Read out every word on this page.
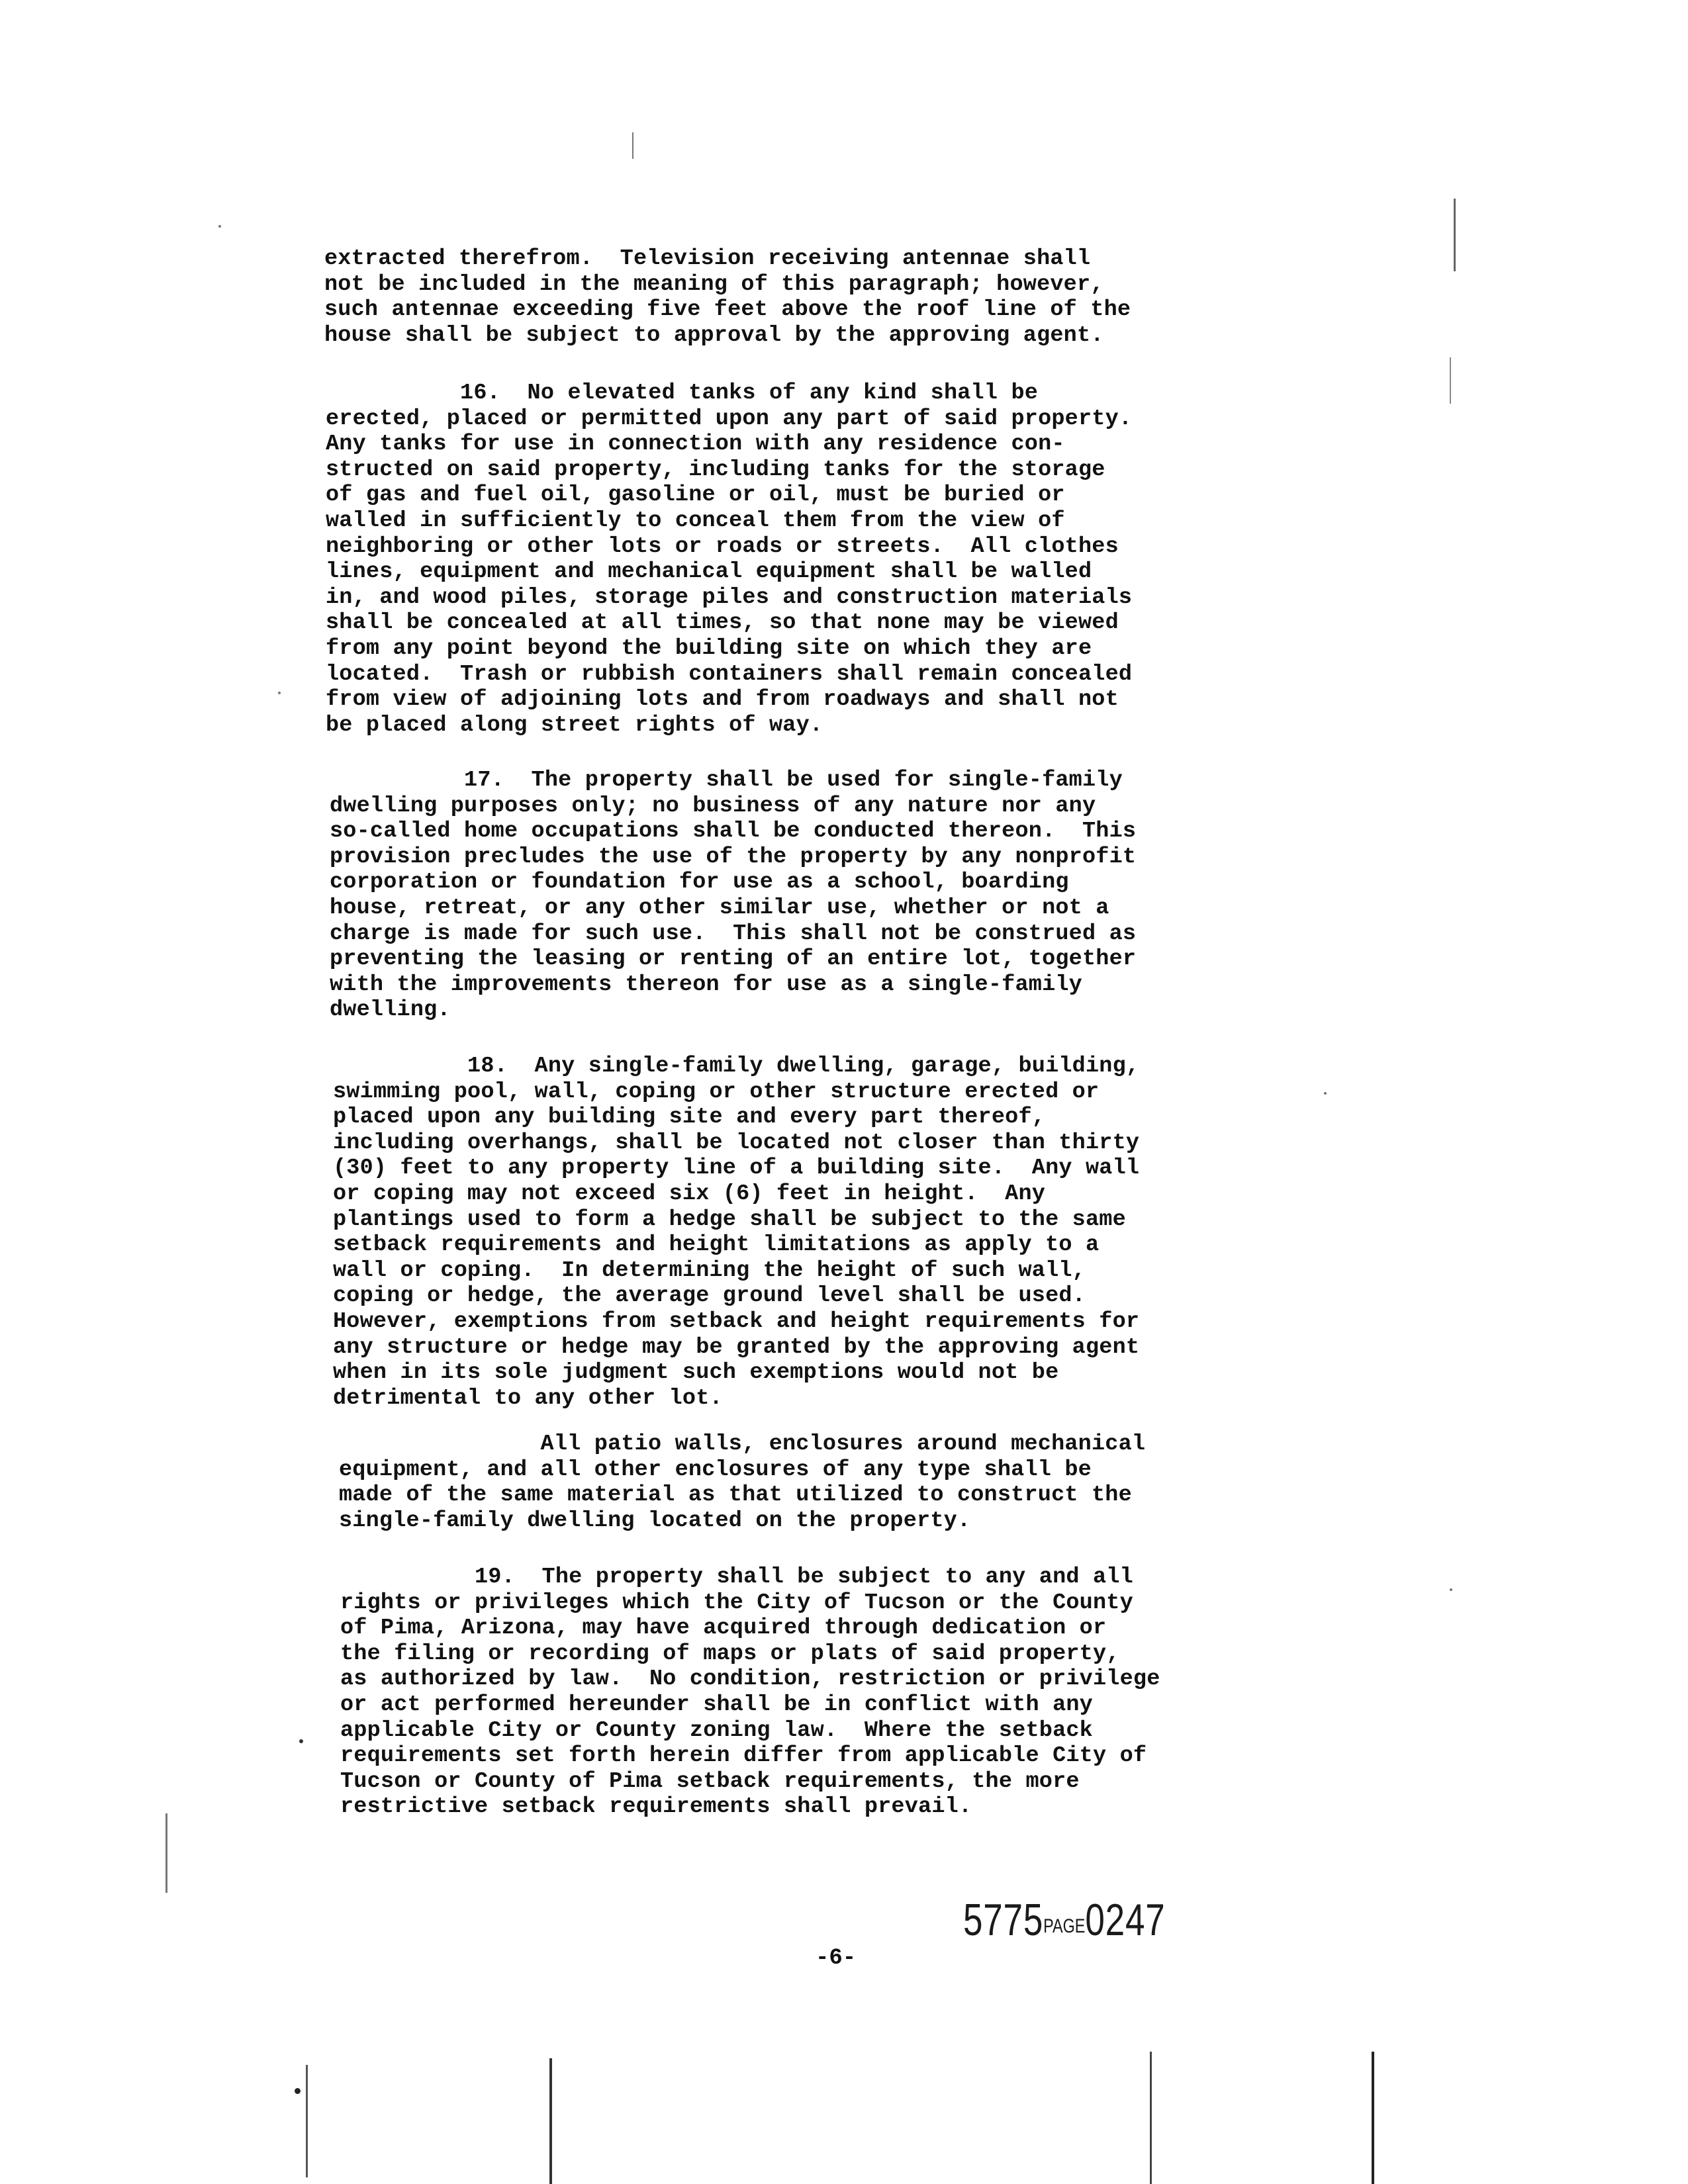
extracted therefrom.  Television receiving antennae shall
not be included in the meaning of this paragraph; however,
such antennae exceeding five feet above the roof line of the
house shall be subject to approval by the approving agent.

16.  No elevated tanks of any kind shall be
erected, placed or permitted upon any part of said property.
Any tanks for use in connection with any residence con-
structed on said property, including tanks for the storage
of gas and fuel oil, gasoline or oil, must be buried or
walled in sufficiently to conceal them from the view of
neighboring or other lots or roads or streets.  All clothes
lines, equipment and mechanical equipment shall be walled
in, and wood piles, storage piles and construction materials
shall be concealed at all times, so that none may be viewed
from any point beyond the building site on which they are
located.  Trash or rubbish containers shall remain concealed
from view of adjoining lots and from roadways and shall not
be placed along street rights of way.

17.  The property shall be used for single-family
dwelling purposes only; no business of any nature nor any
so-called home occupations shall be conducted thereon.  This
provision precludes the use of the property by any nonprofit
corporation or foundation for use as a school, boarding
house, retreat, or any other similar use, whether or not a
charge is made for such use.  This shall not be construed as
preventing the leasing or renting of an entire lot, together
with the improvements thereon for use as a single-family
dwelling.

18.  Any single-family dwelling, garage, building,
swimming pool, wall, coping or other structure erected or
placed upon any building site and every part thereof,
including overhangs, shall be located not closer than thirty
(30) feet to any property line of a building site.  Any wall
or coping may not exceed six (6) feet in height.  Any
plantings used to form a hedge shall be subject to the same
setback requirements and height limitations as apply to a
wall or coping.  In determining the height of such wall,
coping or hedge, the average ground level shall be used.
However, exemptions from setback and height requirements for
any structure or hedge may be granted by the approving agent
when in its sole judgment such exemptions would not be
detrimental to any other lot.

All patio walls, enclosures around mechanical
equipment, and all other enclosures of any type shall be
made of the same material as that utilized to construct the
single-family dwelling located on the property.

19.  The property shall be subject to any and all
rights or privileges which the City of Tucson or the County
of Pima, Arizona, may have acquired through dedication or
the filing or recording of maps or plats of said property,
as authorized by law.  No condition, restriction or privilege
or act performed hereunder shall be in conflict with any
applicable City or County zoning law.  Where the setback
requirements set forth herein differ from applicable City of
Tucson or County of Pima setback requirements, the more
restrictive setback requirements shall prevail.

5775PAGE0247
-6-
